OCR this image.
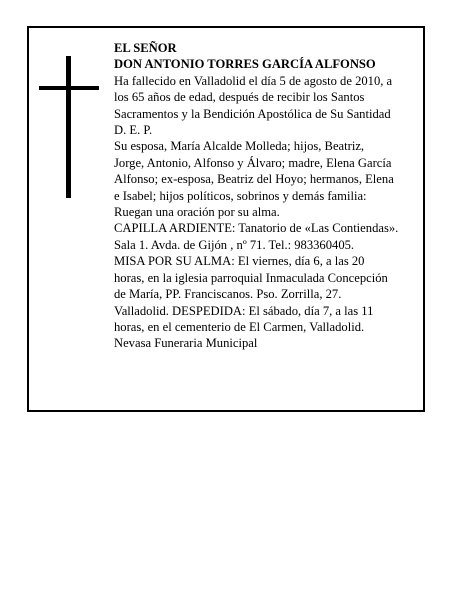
EL SEÑOR

DON ANTONIO TORRES GARCÍA ALFONSO

Ha fallecido en Valladolid el día 5 de agosto de 2010, a

los 65 años de edad, después de recibir los Santos

Sacramentos y la Bendición Apostólica de Su Santidad

D. E. P.

Su esposa, María Alcalde Molleda; hijos, Beatriz,

Jorge, Antonio, Alfonso y Álvaro; madre, Elena García

Alfonso; ex-esposa, Beatriz del Hoyo; hermanos, Elena

e Isabel; hijos políticos, sobrinos y demás familia:

Ruegan una oración por su alma.

CAPILLA ARDIENTE: Tanatorio de «Las Contiendas».

Sala 1. Avda. de Gijón , nº 71. Tel.: 983360405.

MISA POR SU ALMA: El viernes, día 6, a las 20

horas, en la iglesia parroquial Inmaculada Concepción

de María, PP. Franciscanos. Pso. Zorrilla, 27.

Valladolid. DESPEDIDA: El sábado, día 7, a las 11

horas, en el cementerio de El Carmen, Valladolid.

Nevasa Funeraria Municipal
